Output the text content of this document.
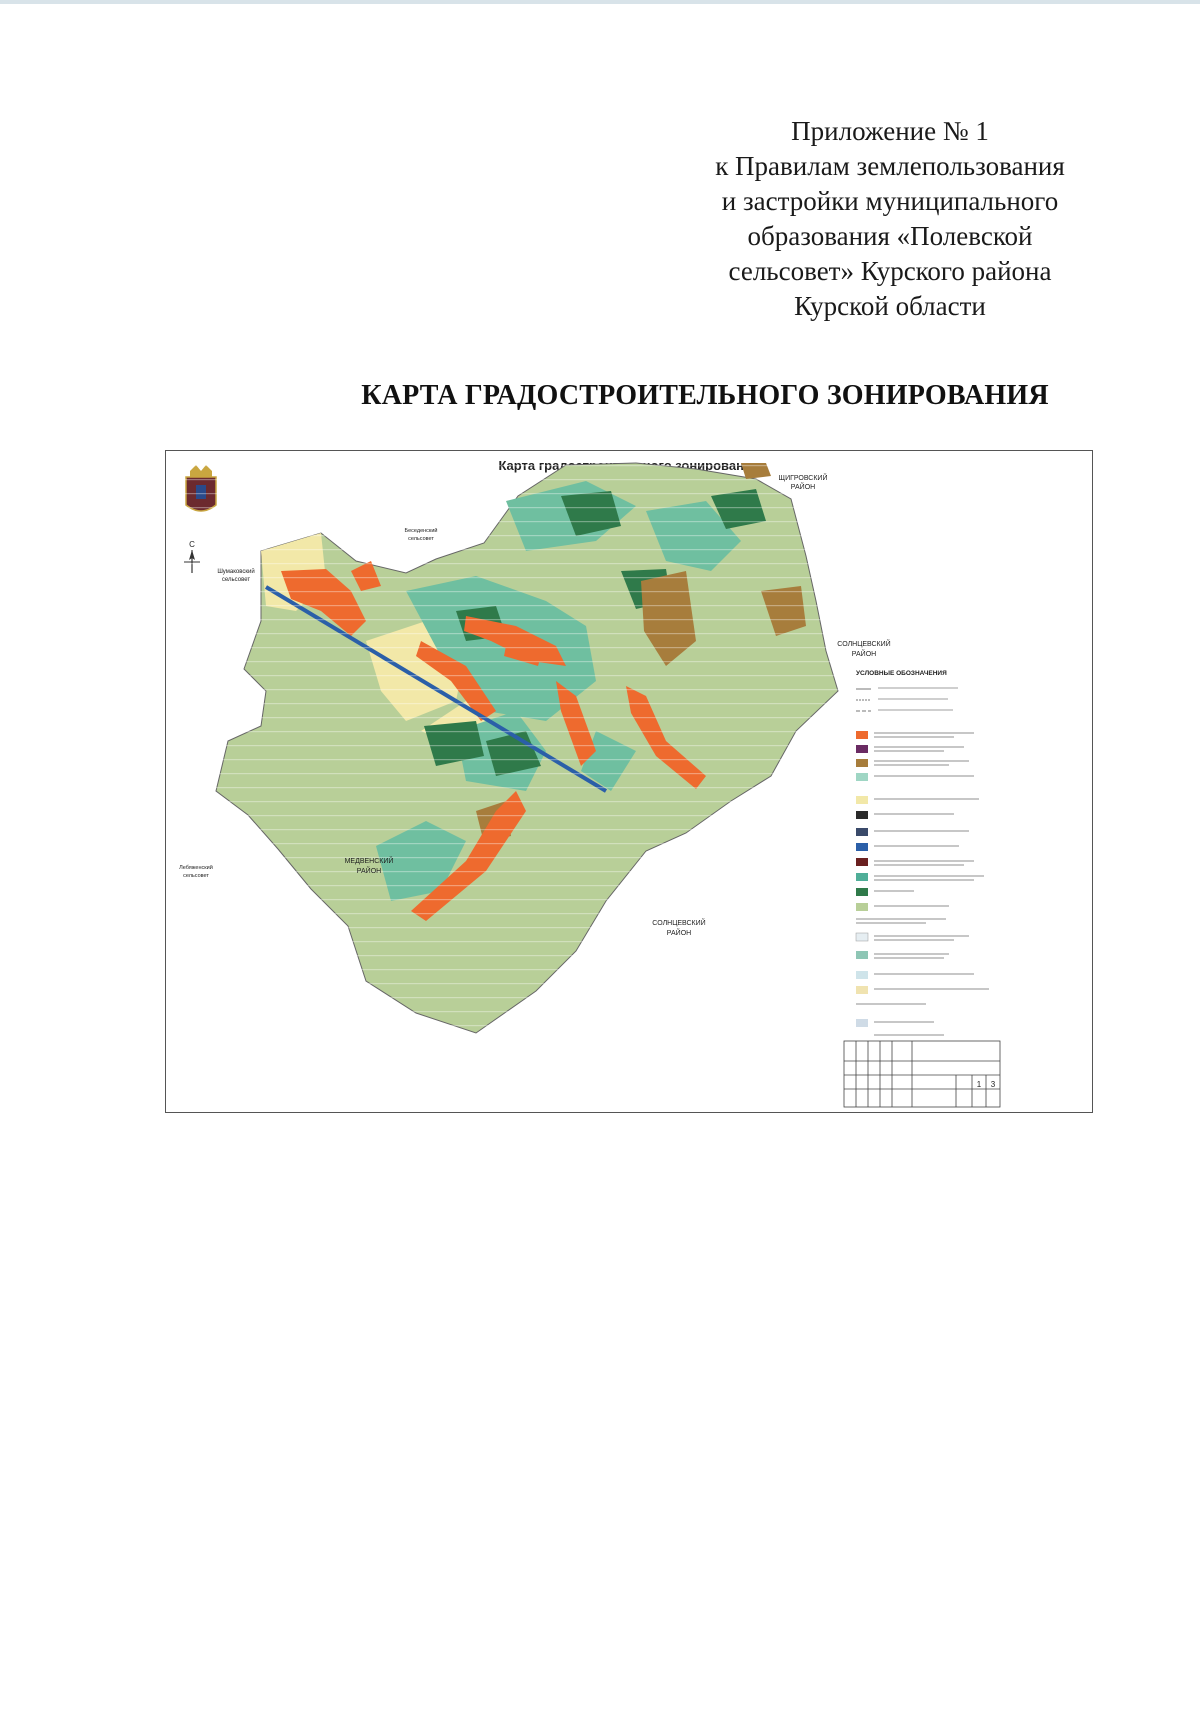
Приложение № 1
к Правилам землепользования
и застройки муниципального
образования «Полевской
сельсовет» Курского района
Курской области
КАРТА ГРАДОСТРОИТЕЛЬНОГО ЗОНИРОВАНИЯ
ЩИГРОВСКИЙ
РАЙОН
Беседенский
сельсовет
Шумаковский
сельсовет
СОЛНЦЕВСКИЙ
РАЙОН
Лебяженский
сельсовет
МЕДВЕНСКИЙ
РАЙОН
СОЛНЦЕВСКИЙ
РАЙОН
УСЛОВНЫЕ ОБОЗНАЧЕНИЯ
1 3
